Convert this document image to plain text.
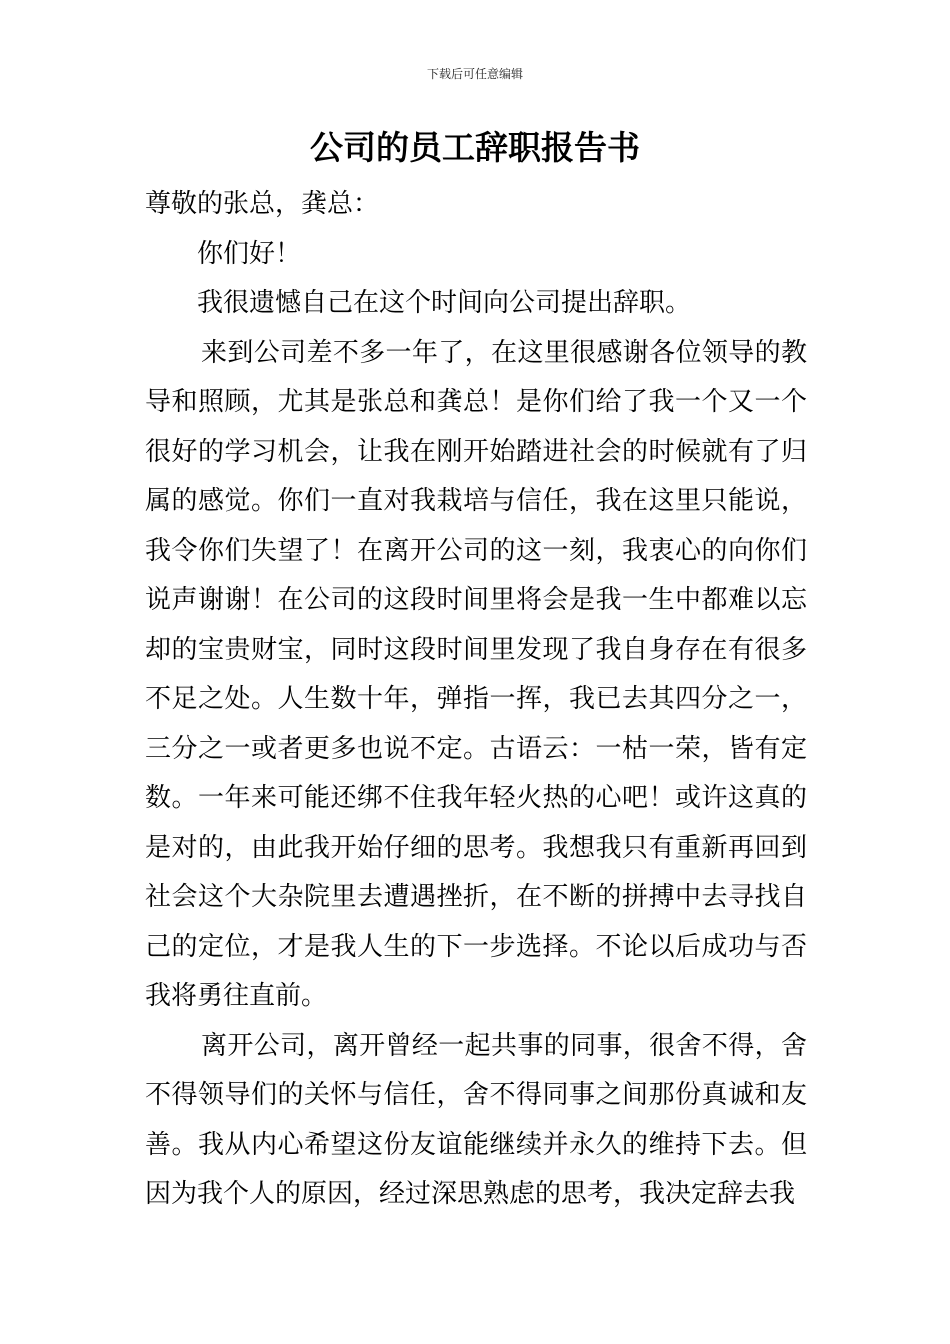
下载后可任意编辑
公司的员工辞职报告书

尊敬的张总，龚总：

你们好！

我很遗憾自己在这个时间向公司提出辞职。

来到公司差不多一年了，在这里很感谢各位领导的教导和照顾，尤其是张总和龚总！是你们给了我一个又一个很好的学习机会，让我在刚开始踏进社会的时候就有了归属的感觉。你们一直对我栽培与信任，我在这里只能说，我令你们失望了！在离开公司的这一刻，我衷心的向你们说声谢谢！在公司的这段时间里将会是我一生中都难以忘却的宝贵财宝，同时这段时间里发现了我自身存在有很多不足之处。人生数十年，弹指一挥，我已去其四分之一，三分之一或者更多也说不定。古语云：一枯一荣，皆有定数。一年来可能还绑不住我年轻火热的心吧！或许这真的是对的，由此我开始仔细的思考。我想我只有重新再回到社会这个大杂院里去遭遇挫折，在不断的拼搏中去寻找自己的定位，才是我人生的下一步选择。不论以后成功与否我将勇往直前。

离开公司，离开曾经一起共事的同事，很舍不得，舍不得领导们的关怀与信任，舍不得同事之间那份真诚和友善。我从内心希望这份友谊能继续并永久的维持下去。但因为我个人的原因，经过深思熟虑的思考，我决定辞去我
